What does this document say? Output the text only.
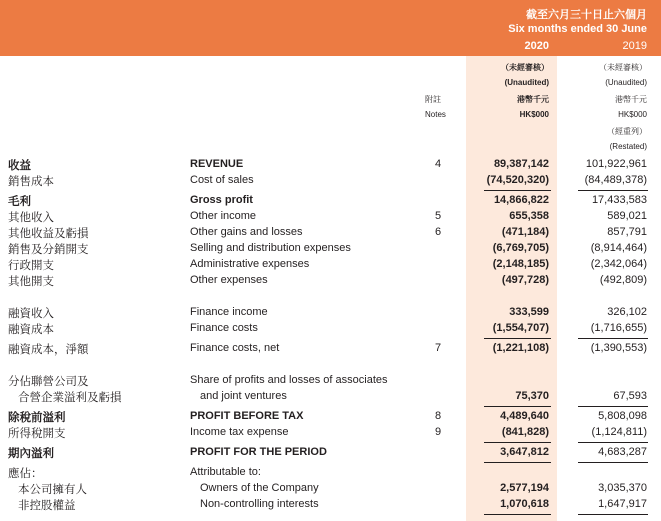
截至六月三十日止六個月
Six months ended 30 June
2020	2019
附註
Notes
（未經審核）
(Unaudited)
港幣千元
HK$000
（未經審核）
(Unaudited)
港幣千元
HK$000
（經重列）
(Restated)
收益	REVENUE	4	89,387,142	101,922,961
銷售成本	Cost of sales	(74,520,320)	(84,489,378)
毛利	Gross profit	14,866,822	17,433,583
其他收入	Other income	5	655,358	589,021
其他收益及虧損	Other gains and losses	6	(471,184)	857,791
銷售及分銷開支	Selling and distribution expenses	(6,769,705)	(8,914,464)
行政開支	Administrative expenses	(2,148,185)	(2,342,064)
其他開支	Other expenses	(497,728)	(492,809)
融資收入	Finance income	333,599	326,102
融資成本	Finance costs	(1,554,707)	(1,716,655)
融資成本，淨額	Finance costs, net	7	(1,221,108)	(1,390,553)
分佔聯營公司及
合營企業溢利及虧損
Share of profits and losses of associates
and joint ventures	75,370	67,593
除稅前溢利	PROFIT BEFORE TAX	8	4,489,640	5,808,098
所得稅開支	Income tax expense	9	(841,828)	(1,124,811)
期內溢利	PROFIT FOR THE PERIOD	3,647,812	4,683,287
應佔：	Attributable to:
本公司擁有人	Owners of the Company	2,577,194	3,035,370
非控股權益	Non-controlling interests	1,070,618	1,647,917
